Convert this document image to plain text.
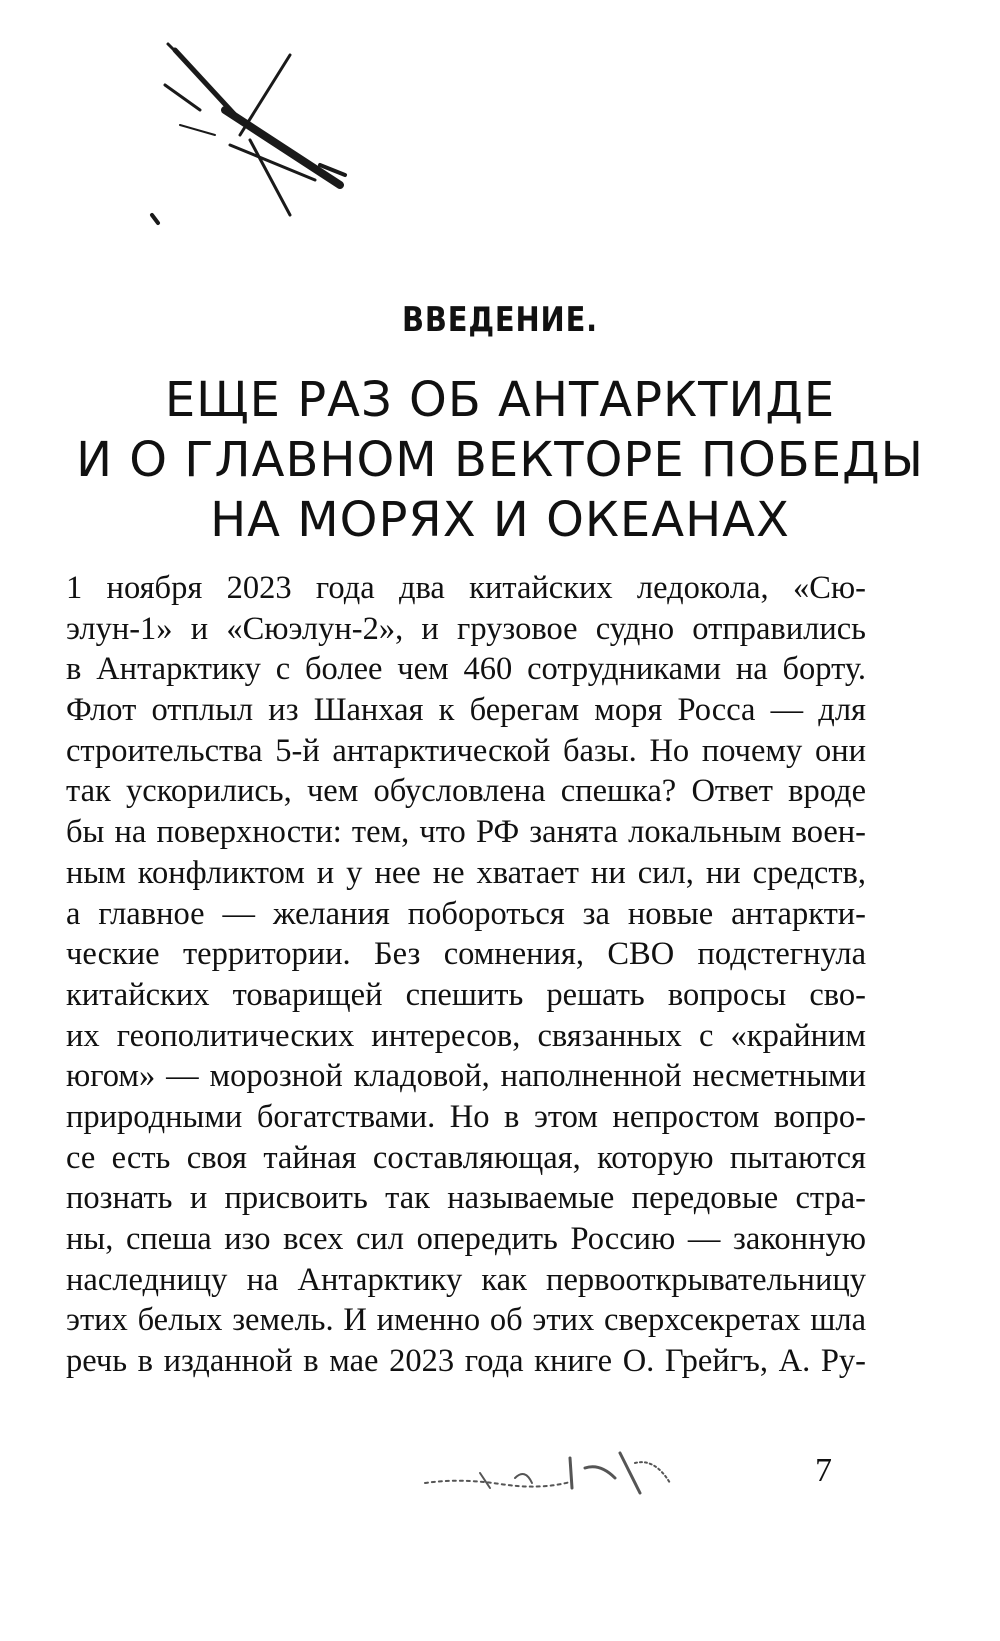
ВВЕДЕНИЕ.
ЕЩЕ РАЗ ОБ АНТАРКТИДЕ
И О ГЛАВНОМ ВЕКТОРЕ ПОБЕДЫ
НА МОРЯХ И ОКЕАНАХ
1 ноября 2023 года два китайских ледокола, «Сю-
элун-1» и «Сюэлун-2», и грузовое судно отправились
в Антарктику с более чем 460 сотрудниками на борту.
Флот отплыл из Шанхая к берегам моря Росса — для
строительства 5-й антарктической базы. Но почему они
так ускорились, чем обусловлена спешка? Ответ вроде
бы на поверхности: тем, что РФ занята локальным воен-
ным конфликтом и у нее не хватает ни сил, ни средств,
а главное — желания побороться за новые антаркти-
ческие территории. Без сомнения, СВО подстегнула
китайских товарищей спешить решать вопросы сво-
их геополитических интересов, связанных с «крайним
югом» — морозной кладовой, наполненной несметными
природными богатствами. Но в этом непростом вопро-
се есть своя тайная составляющая, которую пытаются
познать и присвоить так называемые передовые стра-
ны, спеша изо всех сил опередить Россию — законную
наследницу на Антарктику как первооткрывательницу
этих белых земель. И именно об этих сверхсекретах шла
речь в изданной в мае 2023 года книге О. Грейгъ, А. Ру-
7
